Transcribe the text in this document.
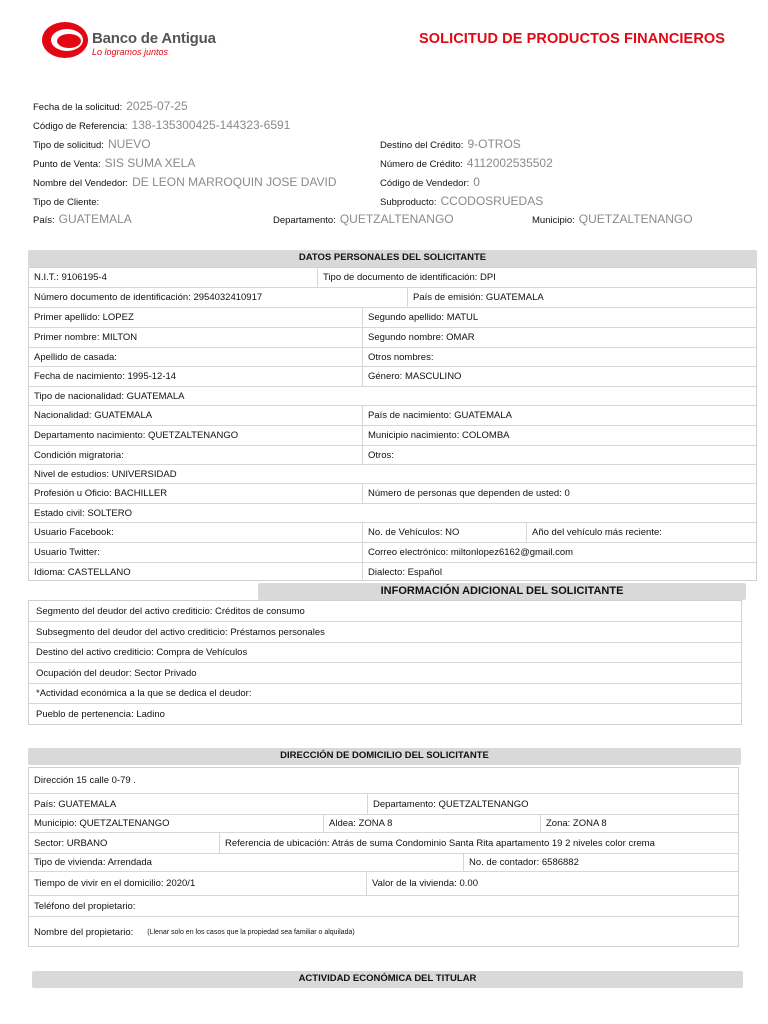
Banco de Antigua
Lo logramos juntos
SOLICITUD DE PRODUCTOS FINANCIEROS
Fecha de la solicitud: 2025-07-25
Código de Referencia: 138-135300425-144323-6591
Tipo de solicitud: NUEVO
Punto de Venta: SIS SUMA XELA
Nombre del Vendedor: DE LEON MARROQUIN JOSE DAVID
Tipo de Cliente:
País: GUATEMALA
Destino del Crédito: 9-OTROS
Número de Crédito: 4112002535502
Código de Vendedor: 0
Subproducto: CCODOSRUEDAS
Departamento: QUETZALTENANGO	Municipio: QUETZALTENANGO
DATOS PERSONALES DEL SOLICITANTE
N.I.T.: 9106195-4	Tipo de documento de identificación: DPI
Número documento de identificación: 2954032410917	País de emisión: GUATEMALA
Primer apellido: LOPEZ	Segundo apellido: MATUL
Primer nombre: MILTON	Segundo nombre: OMAR
Apellido de casada:	Otros nombres:
Fecha de nacimiento: 1995-12-14	Género: MASCULINO
Tipo de nacionalidad: GUATEMALA
Nacionalidad: GUATEMALA	País de nacimiento: GUATEMALA
Departamento nacimiento: QUETZALTENANGO	Municipio nacimiento: COLOMBA
Condición migratoria:	Otros:
Nivel de estudios: UNIVERSIDAD
Profesión u Oficio: BACHILLER	Número de personas que dependen de usted: 0
Estado civil: SOLTERO
Usuario Facebook:	No. de Vehículos: NO	Año del vehículo más reciente:
Usuario Twitter:	Correo electrónico: miltonlopez6162@gmail.com
Idioma: CASTELLANO	Dialecto: Español
INFORMACIÓN ADICIONAL DEL SOLICITANTE
Segmento del deudor del activo crediticio: Créditos de consumo
Subsegmento del deudor del activo crediticio: Préstamos personales
Destino del activo crediticio: Compra de Vehículos
Ocupación del deudor: Sector Privado
*Actividad económica a la que se dedica el deudor:
Pueblo de pertenencia: Ladino
DIRECCIÓN DE DOMICILIO DEL SOLICITANTE
Dirección 15 calle 0-79 .
País: GUATEMALA	Departamento: QUETZALTENANGO
Municipio: QUETZALTENANGO	Aldea: ZONA 8	Zona: ZONA 8
Sector: URBANO	Referencia de ubicación: Atrás de suma Condominio Santa Rita apartamento 19 2 niveles color crema
Tipo de vivienda: Arrendada	No. de contador: 6586882
Tiempo de vivir en el domicilio: 2020/1	Valor de la vivienda: 0.00
Teléfono del propietario:
Nombre del propietario: (Llenar solo en los casos que la propiedad sea familiar o alquilada)
ACTIVIDAD ECONÓMICA DEL TITULAR
